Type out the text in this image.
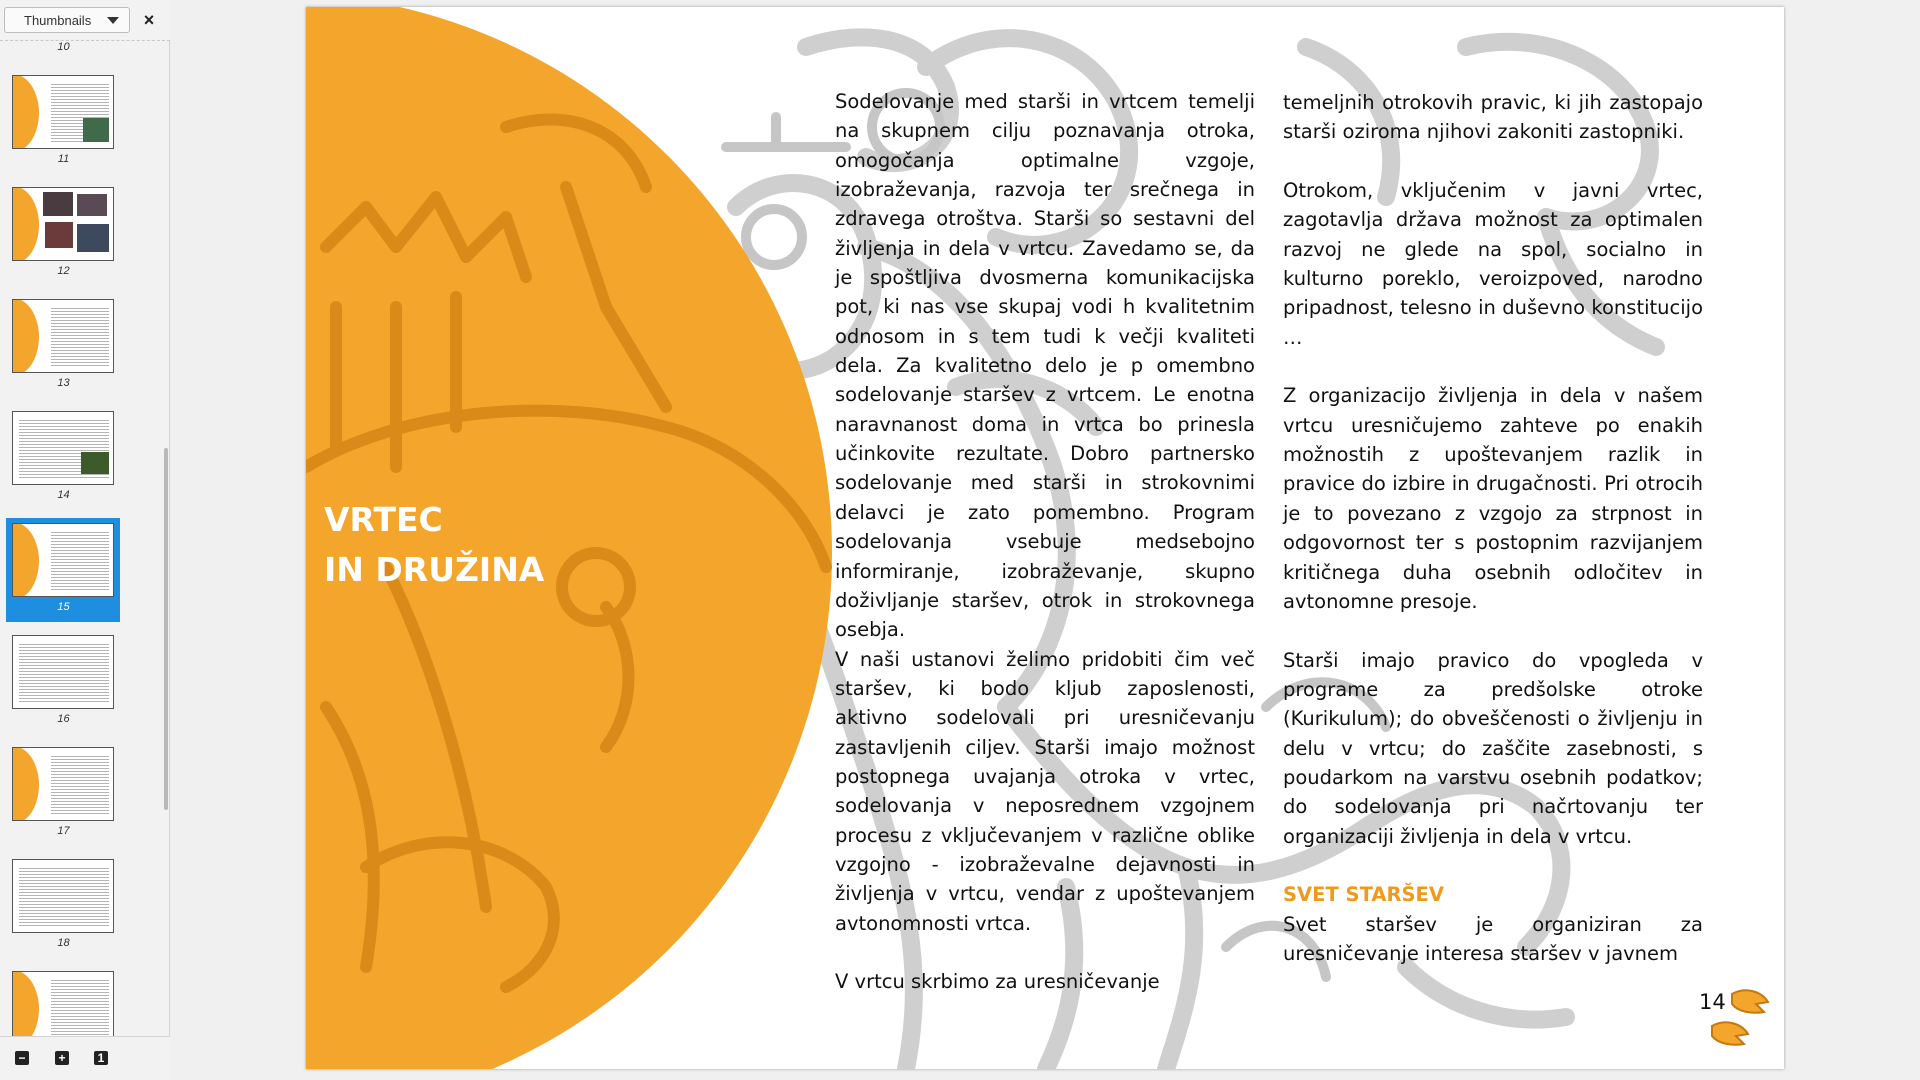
Thumbnails	×
10
11
12
13
14
15
16
17
18
−	+	1
VRTEC
IN DRUŽINA

Sodelovanje med starši in vrtcem temelji na skupnem cilju poznavanja otroka, omogočanja optimalne vzgoje, izobraževanja, razvoja ter srečnega in zdravega otroštva. Starši so sestavni del življenja in dela v vrtcu. Zavedamo se, da je spoštljiva dvosmerna komunikacijska pot, ki nas vse skupaj vodi h kvalitetnim odnosom in s tem tudi k večji kvaliteti dela. Za kvalitetno delo je p omembno sodelovanje staršev z vrtcem. Le enotna naravnanost doma in vrtca bo prinesla učinkovite rezultate. Dobro partnersko sodelovanje med starši in strokovnimi delavci je zato pomembno. Program sodelovanja vsebuje medsebojno informiranje, izobraževanje, skupno doživljanje staršev, otrok in strokovnega osebja.

V naši ustanovi želimo pridobiti čim več staršev, ki bodo kljub zaposlenosti, aktivno sodelovali pri uresničevanju zastavljenih ciljev. Starši imajo možnost postopnega uvajanja otroka v vrtec, sodelovanja v neposrednem vzgojnem procesu z vključevanjem v različne oblike vzgojno - izobraževalne dejavnosti in življenja v vrtcu, vendar z upoštevanjem avtonomnosti vrtca.

V vrtcu skrbimo za uresničevanje

temeljnih otrokovih pravic, ki jih zastopajo starši oziroma njihovi zakoniti zastopniki.

Otrokom, vključenim v javni vrtec, zagotavlja država možnost za optimalen razvoj ne glede na spol, socialno in kulturno poreklo, veroizpoved, narodno pripadnost, telesno in duševno konstitucijo …

Z organizacijo življenja in dela v našem vrtcu uresničujemo zahteve po enakih možnostih z upoštevanjem razlik in pravice do izbire in drugačnosti. Pri otrocih je to povezano z vzgojo za strpnost in odgovornost ter s postopnim razvijanjem kritičnega duha osebnih odločitev in avtonomne presoje.

Starši imajo pravico do vpogleda v programe za predšolske otroke (Kurikulum); do obveščenosti o življenju in delu v vrtcu; do zaščite zasebnosti, s poudarkom na varstvu osebnih podatkov; do sodelovanja pri načrtovanju ter organizaciji življenja in dela v vrtcu.

SVET STARŠEV

Svet staršev je organiziran za uresničevanje interesa staršev v javnem

14
